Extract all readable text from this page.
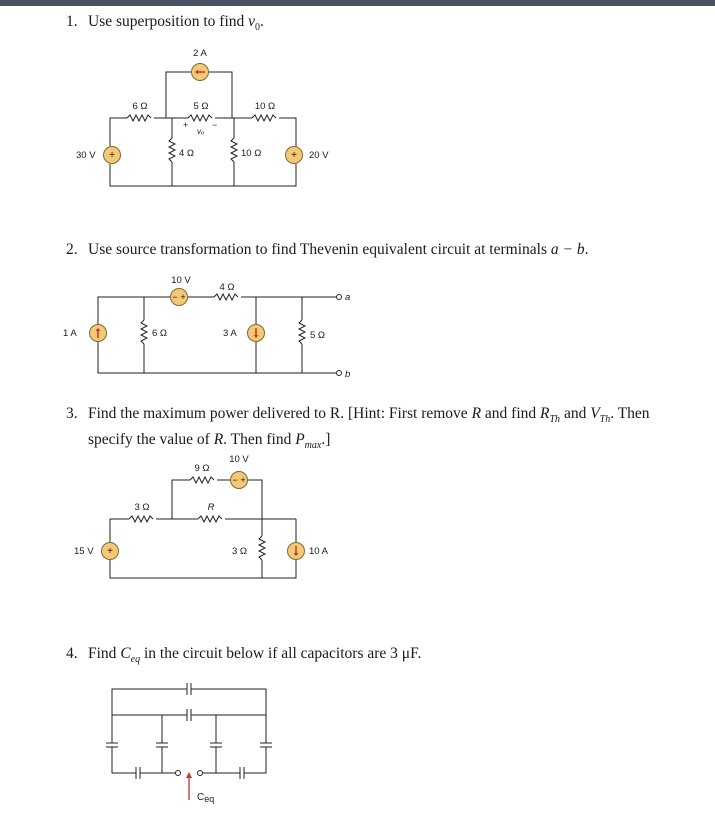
1. Use superposition to find $v_0$.
+	+
2 A
6 Ω	5 Ω	10 Ω
4 Ω	10 Ω
30 V	20 V
+
vₒ
−
− +
10 V
4 Ω
1 A	6 Ω	3 A	5 Ω
a
b
− +
+
9 Ω
10 V
3 Ω	R
15 V	3 Ω	10 A
Ceq
2. Use source transformation to find Thevenin equivalent circuit at terminals a − b.
3. Find the maximum power delivered to R. [Hint: First remove R and find $R_{Th}$ and $V_{Th}$. Then
specify the value of R. Then find $P_{max}$.]
4. Find $C_{eq}$ in the circuit below if all capacitors are 3 μF.
